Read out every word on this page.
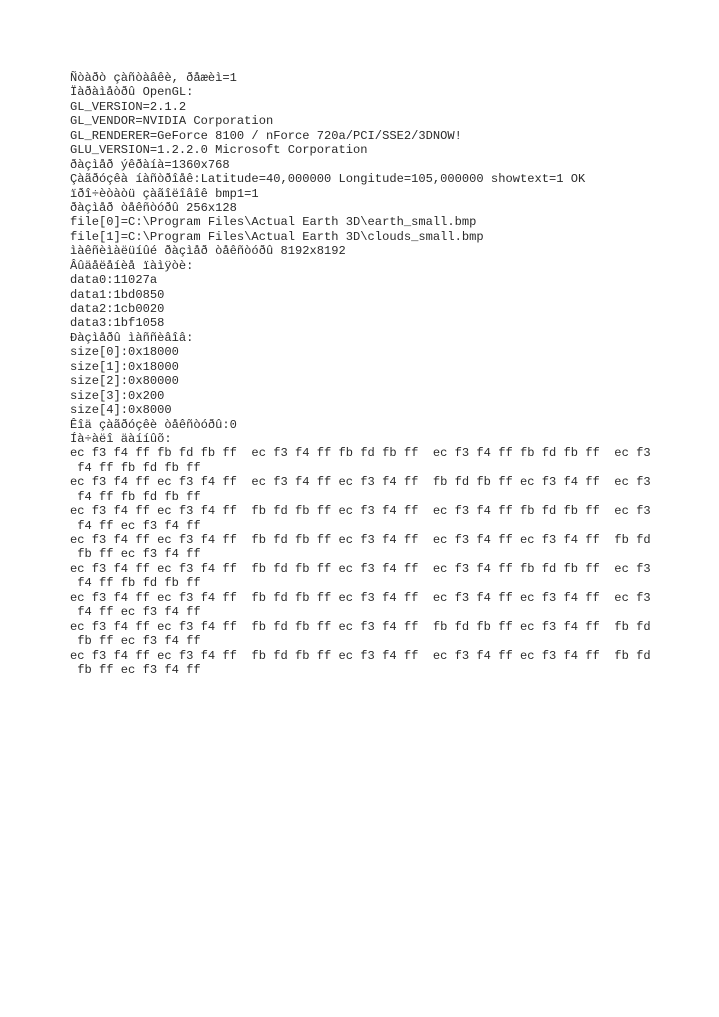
Ñòàðò çàñòàâêè, ðåæèì=1
Ïàðàìåòðû OpenGL:
GL_VERSION=2.1.2
GL_VENDOR=NVIDIA Corporation
GL_RENDERER=GeForce 8100 / nForce 720a/PCI/SSE2/3DNOW!
GLU_VERSION=1.2.2.0 Microsoft Corporation
ðàçìåð ýêðàíà=1360x768
Çàãðóçêà íàñòðîåê:Latitude=40,000000 Longitude=105,000000 showtext=1 OK
ïðî÷èòàòü çàãîëîâîê bmp1=1
ðàçìåð òåêñòóðû 256x128
file[0]=C:\Program Files\Actual Earth 3D\earth_small.bmp
file[1]=C:\Program Files\Actual Earth 3D\clouds_small.bmp
ìàêñèìàëüíûé ðàçìåð òåêñòóðû 8192x8192
Âûäåëåíèå ïàìÿòè:
data0:11027a
data1:1bd0850
data2:1cb0020
data3:1bf1058
Ðàçìåðû ìàññèâîâ:
size[0]:0x18000
size[1]:0x18000
size[2]:0x80000
size[3]:0x200
size[4]:0x8000
Êîä çàãðóçêè òåêñòóðû:0
Íà÷àëî äàííûõ:
ec f3 f4 ff fb fd fb ff  ec f3 f4 ff fb fd fb ff  ec f3 f4 ff fb fd fb ff  ec f3
f4 ff fb fd fb ff
ec f3 f4 ff ec f3 f4 ff  ec f3 f4 ff ec f3 f4 ff  fb fd fb ff ec f3 f4 ff  ec f3
f4 ff fb fd fb ff
ec f3 f4 ff ec f3 f4 ff  fb fd fb ff ec f3 f4 ff  ec f3 f4 ff fb fd fb ff  ec f3
f4 ff ec f3 f4 ff
ec f3 f4 ff ec f3 f4 ff  fb fd fb ff ec f3 f4 ff  ec f3 f4 ff ec f3 f4 ff  fb fd
fb ff ec f3 f4 ff
ec f3 f4 ff ec f3 f4 ff  fb fd fb ff ec f3 f4 ff  ec f3 f4 ff fb fd fb ff  ec f3
f4 ff fb fd fb ff
ec f3 f4 ff ec f3 f4 ff  fb fd fb ff ec f3 f4 ff  ec f3 f4 ff ec f3 f4 ff  ec f3
f4 ff ec f3 f4 ff
ec f3 f4 ff ec f3 f4 ff  fb fd fb ff ec f3 f4 ff  fb fd fb ff ec f3 f4 ff  fb fd
fb ff ec f3 f4 ff
ec f3 f4 ff ec f3 f4 ff  fb fd fb ff ec f3 f4 ff  ec f3 f4 ff ec f3 f4 ff  fb fd
fb ff ec f3 f4 ff
